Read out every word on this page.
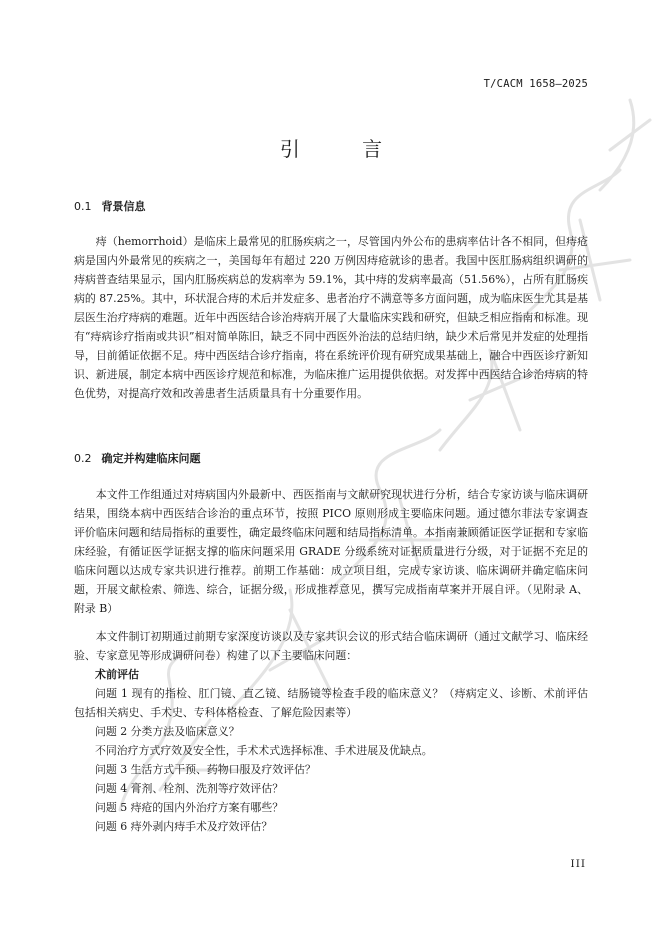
T/CACM 1658—2025
引 言
0.1 背景信息

痔（hemorrhoid）是临床上最常见的肛肠疾病之一，尽管国内外公布的患病率估计各不相同，但痔疮病是国内外最常见的疾病之一，美国每年有超过 220 万例因痔疮就诊的患者。我国中医肛肠病组织调研的痔病普查结果显示，国内肛肠疾病总的发病率为 59.1%，其中痔的发病率最高（51.56%），占所有肛肠疾病的 87.25%。其中，环状混合痔的术后并发症多、患者治疗不满意等多方面问题，成为临床医生尤其是基层医生治疗痔病的难题。近年中西医结合诊治痔病开展了大量临床实践和研究，但缺乏相应指南和标准。现有“痔病诊疗指南或共识”相对简单陈旧，缺乏不同中西医外治法的总结归纳，缺少术后常见并发症的处理指导，目前循证依据不足。痔中西医结合诊疗指南，将在系统评价现有研究成果基础上，融合中西医诊疗新知识、新进展，制定本病中西医诊疗规范和标准，为临床推广运用提供依据。对发挥中西医结合诊治痔病的特色优势，对提高疗效和改善患者生活质量具有十分重要作用。

0.2 确定并构建临床问题

本文件工作组通过对痔病国内外最新中、西医指南与文献研究现状进行分析，结合专家访谈与临床调研结果，围绕本病中西医结合诊治的重点环节，按照 PICO 原则形成主要临床问题。通过德尔菲法专家调查评价临床问题和结局指标的重要性，确定最终临床问题和结局指标清单。本指南兼顾循证医学证据和专家临床经验，有循证医学证据支撑的临床问题采用 GRADE 分级系统对证据质量进行分级，对于证据不充足的临床问题以达成专家共识进行推荐。前期工作基础：成立项目组，完成专家访谈、临床调研并确定临床问题，开展文献检索、筛选、综合，证据分级，形成推荐意见，撰写完成指南草案并开展自评。（见附录 A、附录 B）

本文件制订初期通过前期专家深度访谈以及专家共识会议的形式结合临床调研（通过文献学习、临床经验、专家意见等形成调研问卷）构建了以下主要临床问题：

术前评估

问题 1 现有的指检、肛门镜、直乙镜、结肠镜等检查手段的临床意义？（痔病定义、诊断、术前评估包括相关病史、手术史、专科体格检查、了解危险因素等）

问题 2 分类方法及临床意义？

不同治疗方式疗效及安全性，手术术式选择标准、手术进展及优缺点。

问题 3 生活方式干预、药物口服及疗效评估？

问题 4 膏剂、栓剂、洗剂等疗效评估？

问题 5 痔疮的国内外治疗方案有哪些？

问题 6 痔外剥内痔手术及疗效评估？

III
